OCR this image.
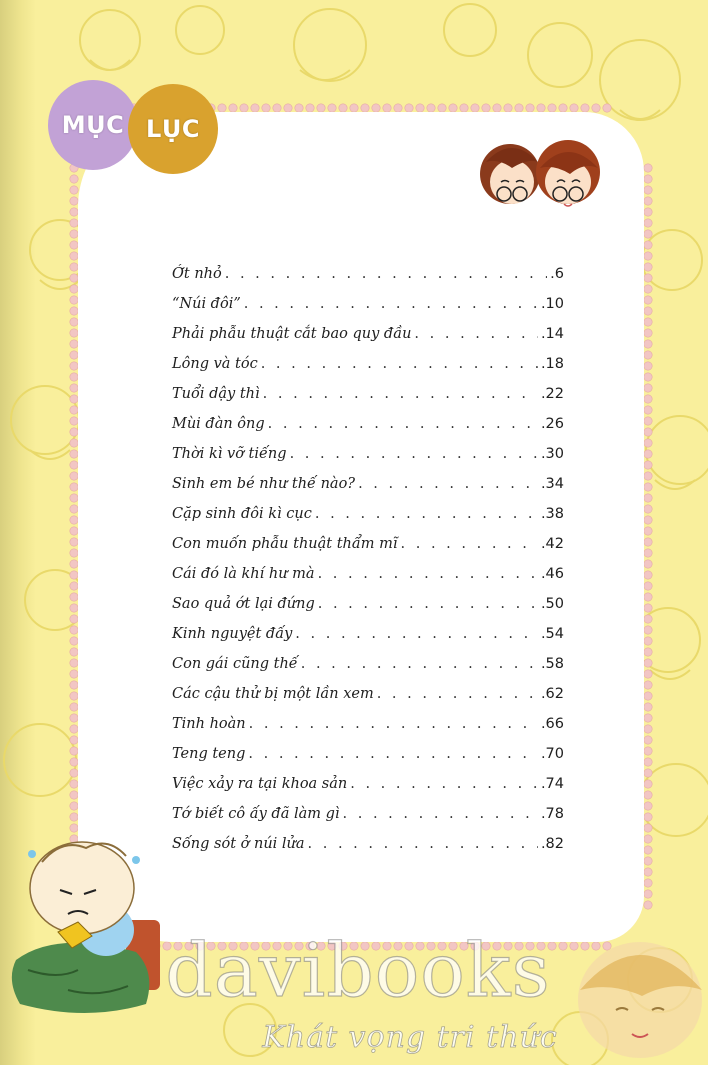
MỤC LỤC
Ớt nhỏ . . .	.6
“Núi đôi” . . .	.10
Phải phẫu thuật cắt bao quy đầu . . .	.14
Lông và tóc . . .	.18
Tuổi dậy thì . . .	.22
Mùi đàn ông . . .	.26
Thời kì vỡ tiếng . . .	.30
Sinh em bé như thế nào? . . .	.34
Cặp sinh đôi kì cục . . .	.38
Con muốn phẫu thuật thẩm mĩ . . .	.42
Cái đó là khí hư mà . . .	.46
Sao quả ớt lại đứng . . .	.50
Kinh nguyệt đấy . . .	.54
Con gái cũng thế . . .	.58
Các cậu thử bị một lần xem . . .	.62
Tinh hoàn . . .	.66
Teng teng . . .	.70
Việc xảy ra tại khoa sản . . .	.74
Tớ biết cô ấy đã làm gì . . .	.78
Sống sót ở núi lửa . . .	.82
davibooks
Khát vọng tri thức
